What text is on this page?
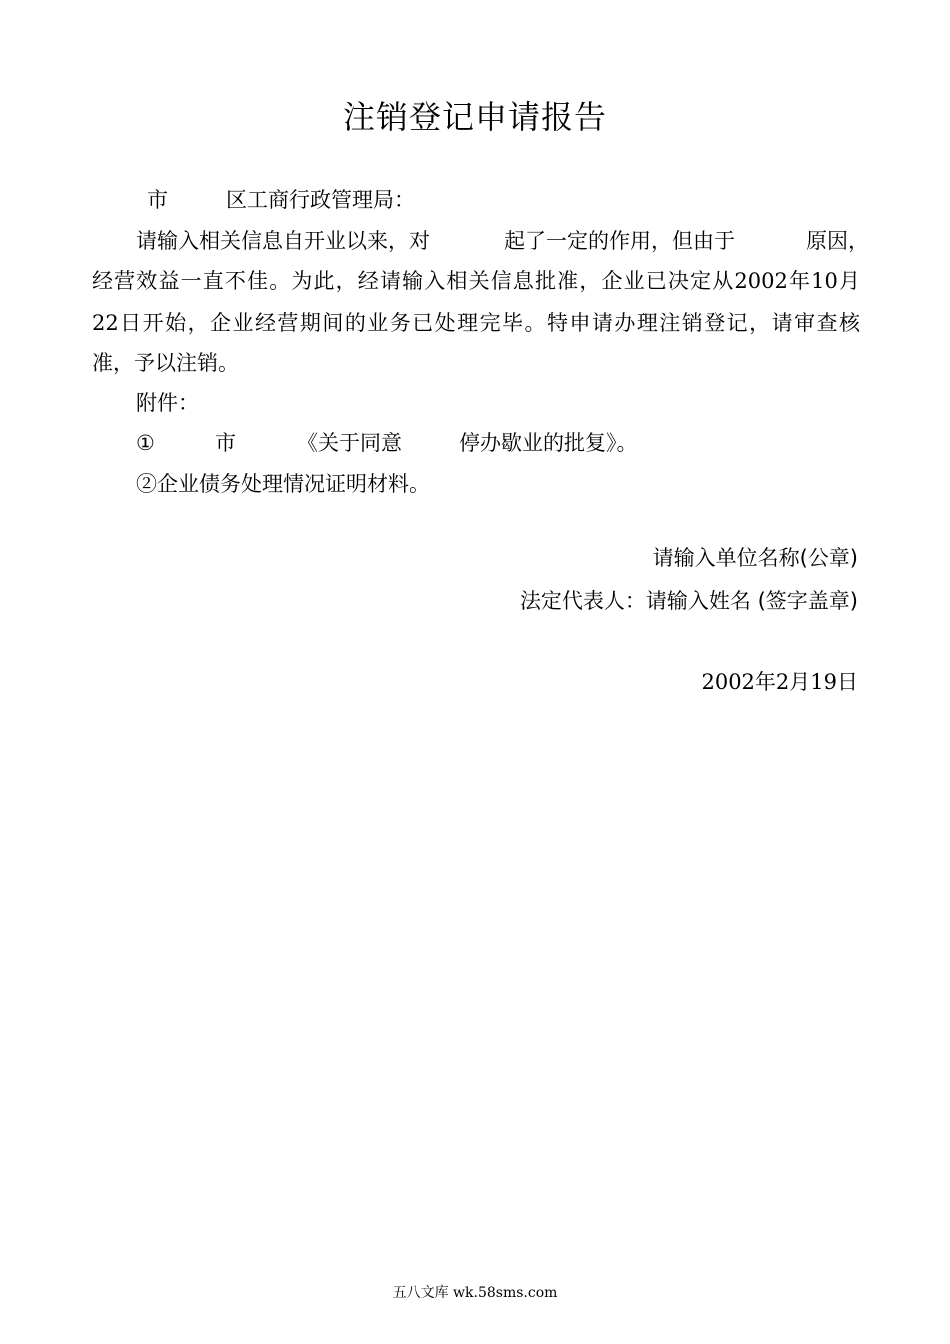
注销登记申请报告
市	区工商行政管理局：
请输入相关信息自开业以来，对	起了一定的作用，但由于	原因，
经营效益一直不佳。为此，经请输入相关信息批准，企业已决定从2002年10月
22日开始，企业经营期间的业务已处理完毕。特申请办理注销登记，请审查核
准，予以注销。
附件：
①	市	《关于同意	停办歇业的批复》。
②企业债务处理情况证明材料。
请输入单位名称(公章)
法定代表人：请输入姓名 (签字盖章)
2002年2月19日
五八文库 wk.58sms.com
